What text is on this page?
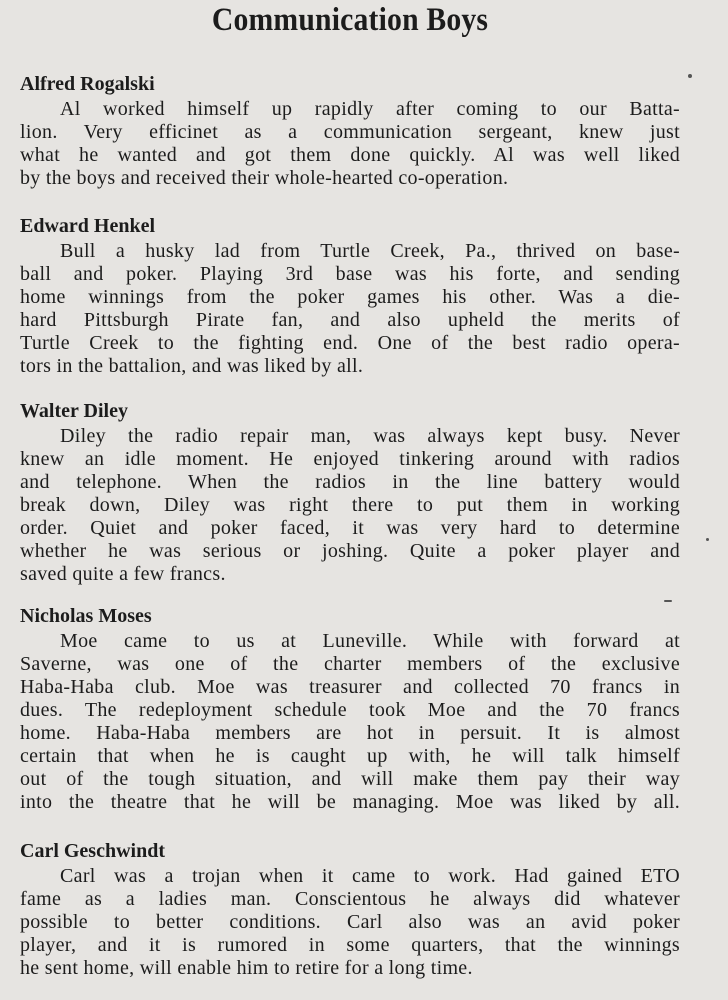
Communication Boys
Alfred Rogalski
Al worked himself up rapidly after coming to our Batta-
lion. Very efficinet as a communication sergeant, knew just
what he wanted and got them done quickly. Al was well liked
by the boys and received their whole-hearted co-operation.
Edward Henkel
Bull a husky lad from Turtle Creek, Pa., thrived on base-
ball and poker. Playing 3rd base was his forte, and sending
home winnings from the poker games his other. Was a die-
hard Pittsburgh Pirate fan, and also upheld the merits of
Turtle Creek to the fighting end. One of the best radio opera-
tors in the battalion, and was liked by all.
Walter Diley
Diley the radio repair man, was always kept busy. Never
knew an idle moment. He enjoyed tinkering around with radios
and telephone. When the radios in the line battery would
break down, Diley was right there to put them in working
order. Quiet and poker faced, it was very hard to determine
whether he was serious or joshing. Quite a poker player and
saved quite a few francs.
Nicholas Moses
Moe came to us at Luneville. While with forward at
Saverne, was one of the charter members of the exclusive
Haba-Haba club. Moe was treasurer and collected 70 francs in
dues. The redeployment schedule took Moe and the 70 francs
home. Haba-Haba members are hot in persuit. It is almost
certain that when he is caught up with, he will talk himself
out of the tough situation, and will make them pay their way
into the theatre that he will be managing. Moe was liked by all.
Carl Geschwindt
Carl was a trojan when it came to work. Had gained ETO
fame as a ladies man. Conscientous he always did whatever
possible to better conditions. Carl also was an avid poker
player, and it is rumored in some quarters, that the winnings
he sent home, will enable him to retire for a long time.
